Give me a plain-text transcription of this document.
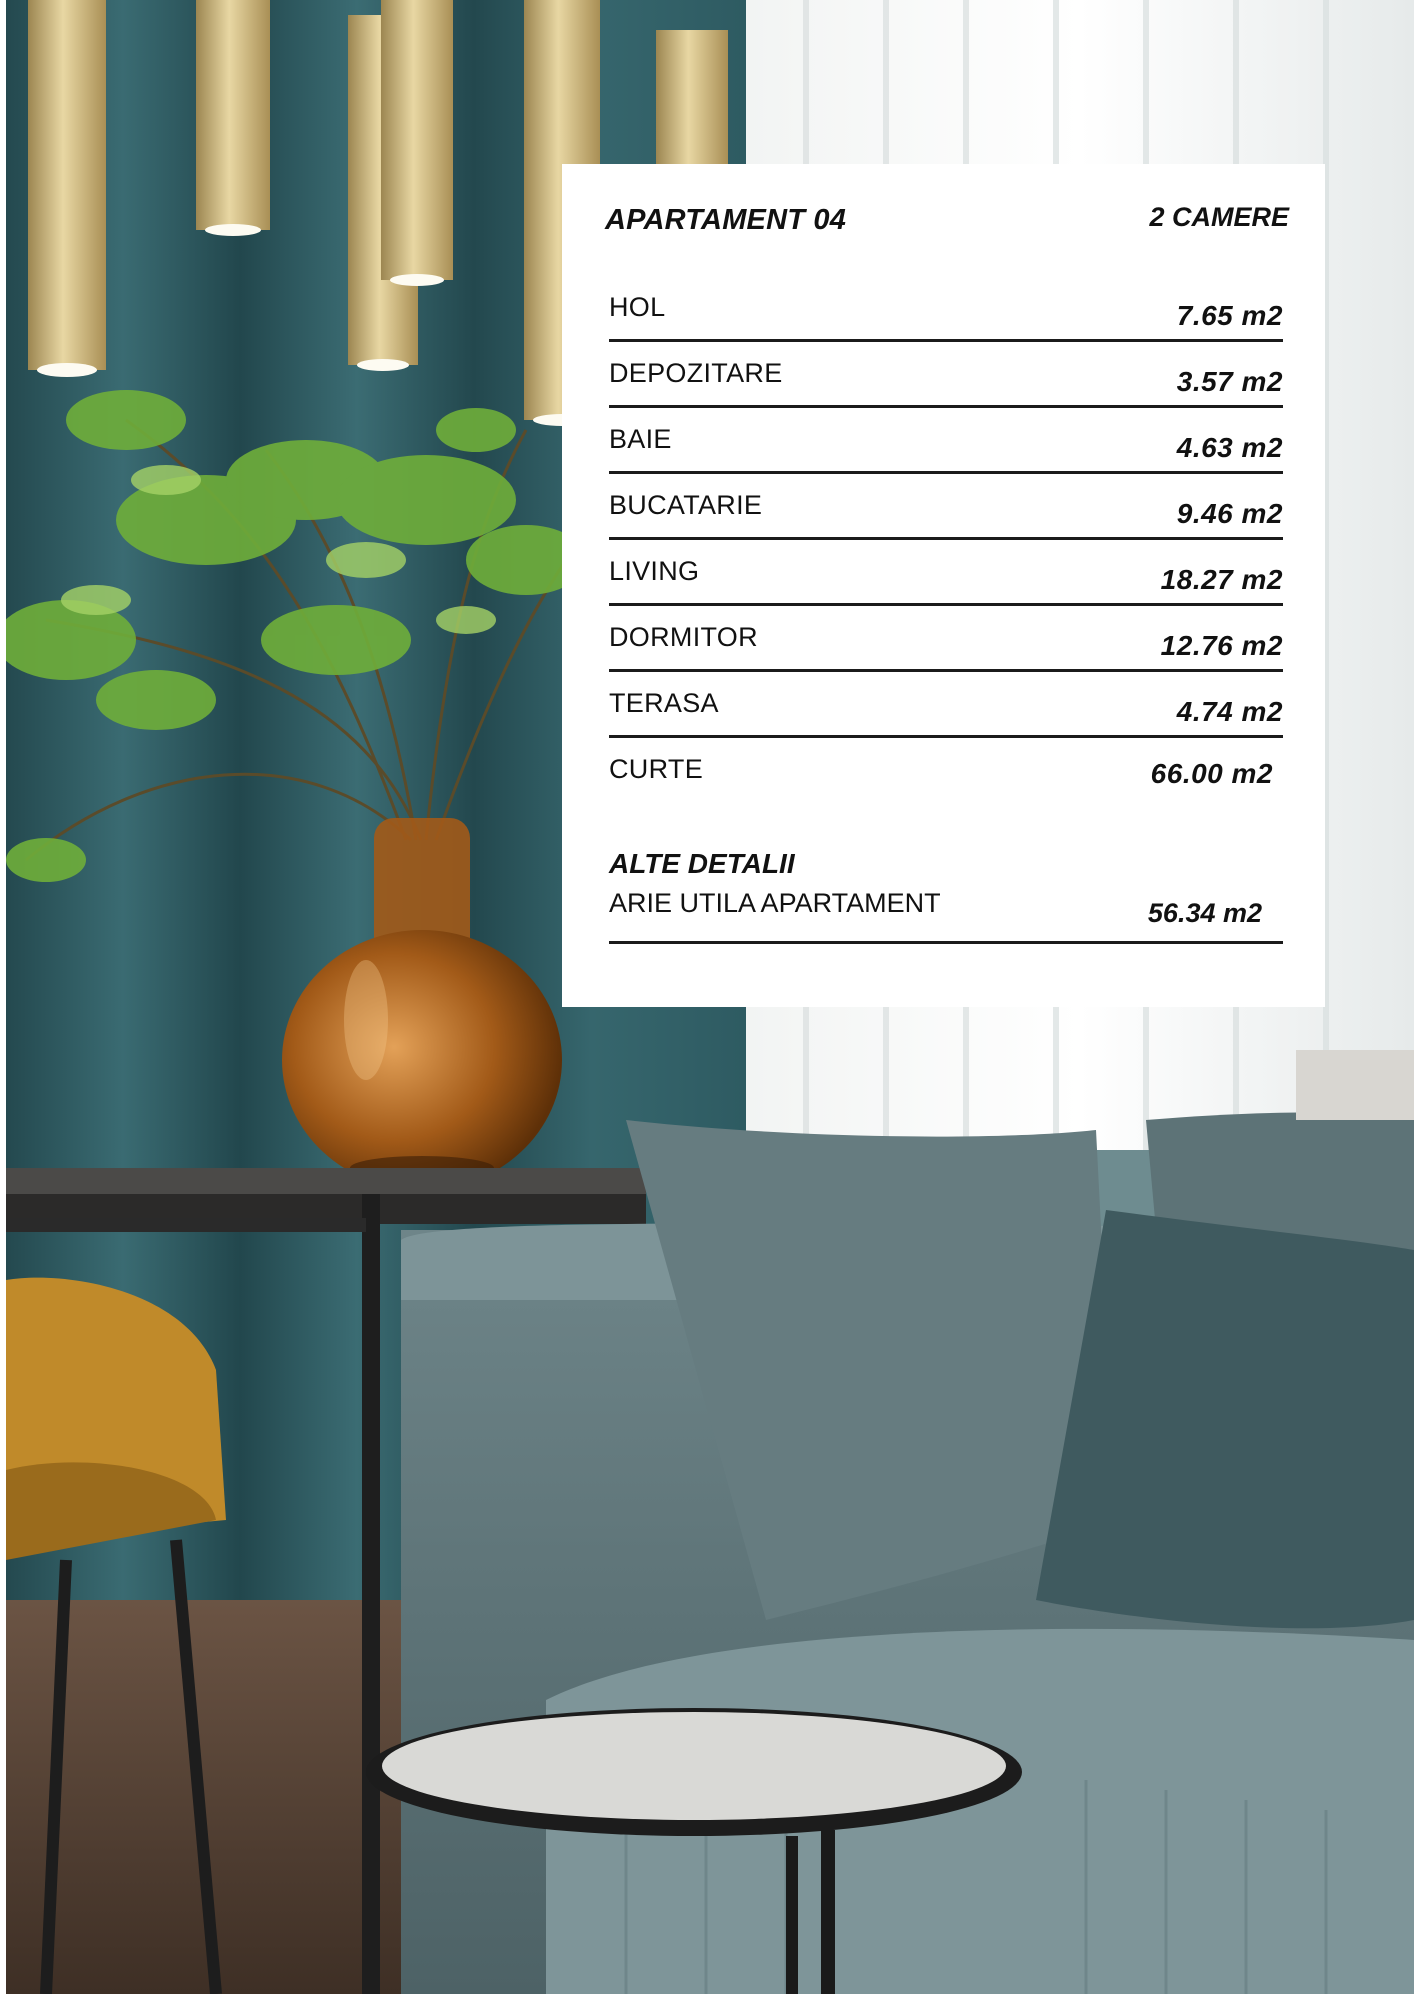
APARTAMENT 04	2 CAMERE
HOL	7.65 m2
DEPOZITARE	3.57 m2
BAIE	4.63 m2
BUCATARIE	9.46 m2
LIVING	18.27 m2
DORMITOR	12.76 m2
TERASA	4.74 m2
CURTE	66.00 m2
ALTE DETALII
ARIE UTILA APARTAMENT	56.34 m2
